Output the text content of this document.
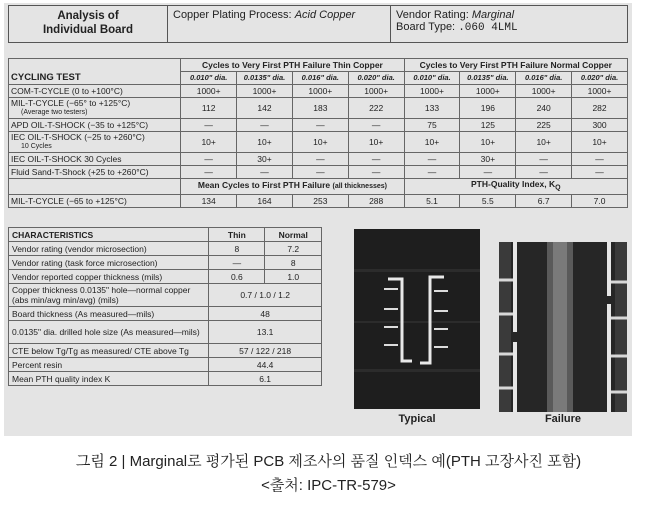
Analysis of
Individual Board
	Copper Plating Process: Acid Copper	Vendor Rating: Marginal
Board Type: .060 4LML
	Cycles to Very First PTH Failure Thin Copper				Cycles to Very First PTH Failure Normal Copper			
CYCLING TEST	0.010" dia.	0.0135" dia.	0.016" dia.	0.020" dia.	0.010" dia.	0.0135" dia.	0.016" dia.	0.020" dia.

COM-T-CYCLE (0 to +100°C)	1000+	1000+	1000+	1000+	1000+	1000+	1000+	1000+

MIL-T-CYCLE (−65° to +125°C)
(Average two testers)	112	142	183	222	133	196	240	282

APD OIL-T-SHOCK (−35 to +125°C)	—	—	—	—	75	125	225	300

IEC OIL-T-SHOCK (−25 to +260°C)
10 Cycles	10+	10+	10+	10+	10+	10+	10+	10+

IEC OIL-T-SHOCK 30 Cycles	—	30+	—	—	—	30+	—	—

Fluid Sand-T-Shock (+25 to +260°C)	—	—	—	—	—	—	—	—
	Mean Cycles to First PTH Failure (all thicknesses)				PTH-Quality Index, $K_Q$
MIL-T-CYCLE (−65 to +125°C)	134	164	253	288	5.1	5.5	6.7	7.0
CHARACTERISTICS	Thin	Normal
Vendor rating (vendor microsection)	8	7.2
Vendor rating (task force microsection)	—	8
Vendor reported copper thickness (mils)	0.6	1.0
Copper thickness 0.0135" hole—normal copper (abs min/avg min/avg) (mils)	0.7 / 1.0 / 1.2	
Board thickness (As measured—mils)	48	
0.0135" dia. drilled hole size (As measured—mils)	13.1	
CTE below Tg/Tg as measured/ CTE above Tg	57 / 122 / 218	
Percent resin	44.4	
Mean PTH quality index K	6.1	
Typical	Failure
그림 2 | Marginal로 평가된 PCB 제조사의 품질 인덱스 예(PTH 고장사진 포함)
<출처: IPC-TR-579>
